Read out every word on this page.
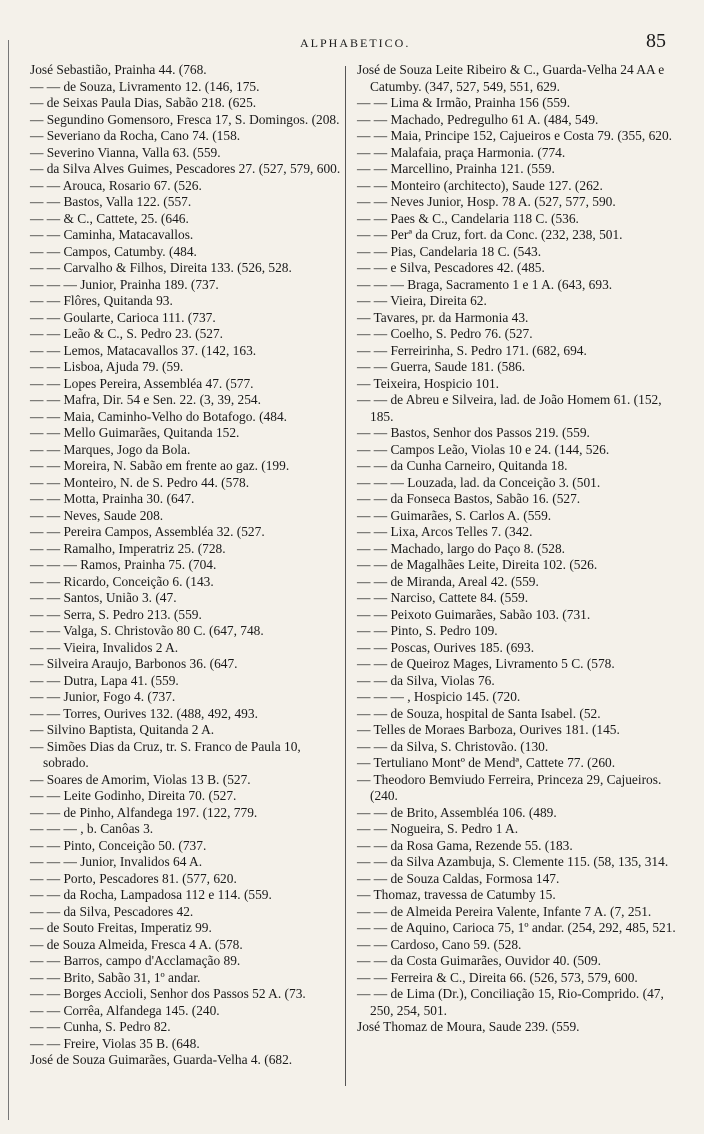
ALPHABETICO.	85
José Sebastião, Prainha 44. (768.
— — de Souza, Livramento 12. (146, 175.
— de Seixas Paula Dias, Sabão 218. (625.
— Segundino Gomensoro, Fresca 17, S. Domingos. (208.
— Severiano da Rocha, Cano 74. (158.
— Severino Vianna, Valla 63. (559.
— da Silva Alves Guimes, Pescadores 27. (527, 579, 600.
— — Arouca, Rosario 67. (526.
— — Bastos, Valla 122. (557.
— — & C., Cattete, 25. (646.
— — Caminha, Matacavallos.
— — Campos, Catumby. (484.
— — Carvalho & Filhos, Direita 133. (526, 528.
— — — Junior, Prainha 189. (737.
— — Flôres, Quitanda 93.
— — Goularte, Carioca 111. (737.
— — Leão & C., S. Pedro 23. (527.
— — Lemos, Matacavallos 37. (142, 163.
— — Lisboa, Ajuda 79. (59.
— — Lopes Pereira, Assembléa 47. (577.
— — Mafra, Dir. 54 e Sen. 22. (3, 39, 254.
— — Maia, Caminho-Velho do Botafogo. (484.
— — Mello Guimarães, Quitanda 152.
— — Marques, Jogo da Bola.
— — Moreira, N. Sabão em frente ao gaz. (199.
— — Monteiro, N. de S. Pedro 44. (578.
— — Motta, Prainha 30. (647.
— — Neves, Saude 208.
— — Pereira Campos, Assembléa 32. (527.
— — Ramalho, Imperatriz 25. (728.
— — — Ramos, Prainha 75. (704.
— — Ricardo, Conceição 6. (143.
— — Santos, União 3. (47.
— — Serra, S. Pedro 213. (559.
— — Valga, S. Christovão 80 C. (647, 748.
— — Vieira, Invalidos 2 A.
— Silveira Araujo, Barbonos 36. (647.
— — Dutra, Lapa 41. (559.
— — Junior, Fogo 4. (737.
— — Torres, Ourives 132. (488, 492, 493.
— Silvino Baptista, Quitanda 2 A.
— Simões Dias da Cruz, tr. S. Franco de Paula 10, sobrado.
— Soares de Amorim, Violas 13 B. (527.
— — Leite Godinho, Direita 70. (527.
— — de Pinho, Alfandega 197. (122, 779.
— — — , b. Canôas 3.
— — Pinto, Conceição 50. (737.
— — — Junior, Invalidos 64 A.
— — Porto, Pescadores 81. (577, 620.
— — da Rocha, Lampadosa 112 e 114. (559.
— — da Silva, Pescadores 42.
— de Souto Freitas, Imperatiz 99.
— de Souza Almeida, Fresca 4 A. (578.
— — Barros, campo d'Acclamação 89.
— — Brito, Sabão 31, 1º andar.
— — Borges Accioli, Senhor dos Passos 52 A. (73.
— — Corrêa, Alfandega 145. (240.
— — Cunha, S. Pedro 82.
— — Freire, Violas 35 B. (648.
José de Souza Guimarães, Guarda-Velha 4. (682.
José de Souza Leite Ribeiro & C., Guarda-Velha 24 AA e Catumby. (347, 527, 549, 551, 629.
— — Lima & Irmão, Prainha 156 (559.
— — Machado, Pedregulho 61 A. (484, 549.
— — Maia, Principe 152, Cajueiros e Costa 79. (355, 620.
— — Malafaia, praça Harmonia. (774.
— — Marcellino, Prainha 121. (559.
— — Monteiro (architecto), Saude 127. (262.
— — Neves Junior, Hosp. 78 A. (527, 577, 590.
— — Paes & C., Candelaria 118 C. (536.
— — Perª da Cruz, fort. da Conc. (232, 238, 501.
— — Pias, Candelaria 18 C. (543.
— — e Silva, Pescadores 42. (485.
— — — Braga, Sacramento 1 e 1 A. (643, 693.
— — Vieira, Direita 62.
— Tavares, pr. da Harmonia 43.
— — Coelho, S. Pedro 76. (527.
— — Ferreirinha, S. Pedro 171. (682, 694.
— — Guerra, Saude 181. (586.
— Teixeira, Hospicio 101.
— — de Abreu e Silveira, lad. de João Homem 61. (152, 185.
— — Bastos, Senhor dos Passos 219. (559.
— — Campos Leão, Violas 10 e 24. (144, 526.
— — da Cunha Carneiro, Quitanda 18.
— — — Louzada, lad. da Conceição 3. (501.
— — da Fonseca Bastos, Sabão 16. (527.
— — Guimarães, S. Carlos A. (559.
— — Lixa, Arcos Telles 7. (342.
— — Machado, largo do Paço 8. (528.
— — de Magalhães Leite, Direita 102. (526.
— — de Miranda, Areal 42. (559.
— — Narciso, Cattete 84. (559.
— — Peixoto Guimarães, Sabão 103. (731.
— — Pinto, S. Pedro 109.
— — Poscas, Ourives 185. (693.
— — de Queiroz Mages, Livramento 5 C. (578.
— — da Silva, Violas 76.
— — — , Hospicio 145. (720.
— — de Souza, hospital de Santa Isabel. (52.
— Telles de Moraes Barboza, Ourives 181. (145.
— — da Silva, S. Christovão. (130.
— Tertuliano Montº de Mendª, Cattete 77. (260.
— Theodoro Bemviudo Ferreira, Princeza 29, Cajueiros. (240.
— — de Brito, Assembléa 106. (489.
— — Nogueira, S. Pedro 1 A.
— — da Rosa Gama, Rezende 55. (183.
— — da Silva Azambuja, S. Clemente 115. (58, 135, 314.
— — de Souza Caldas, Formosa 147.
— Thomaz, travessa de Catumby 15.
— — de Almeida Pereira Valente, Infante 7 A. (7, 251.
— — de Aquino, Carioca 75, 1º andar. (254, 292, 485, 521.
— — Cardoso, Cano 59. (528.
— — da Costa Guimarães, Ouvidor 40. (509.
— — Ferreira & C., Direita 66. (526, 573, 579, 600.
— — de Lima (Dr.), Conciliação 15, Rio-Comprido. (47, 250, 254, 501.
José Thomaz de Moura, Saude 239. (559.
